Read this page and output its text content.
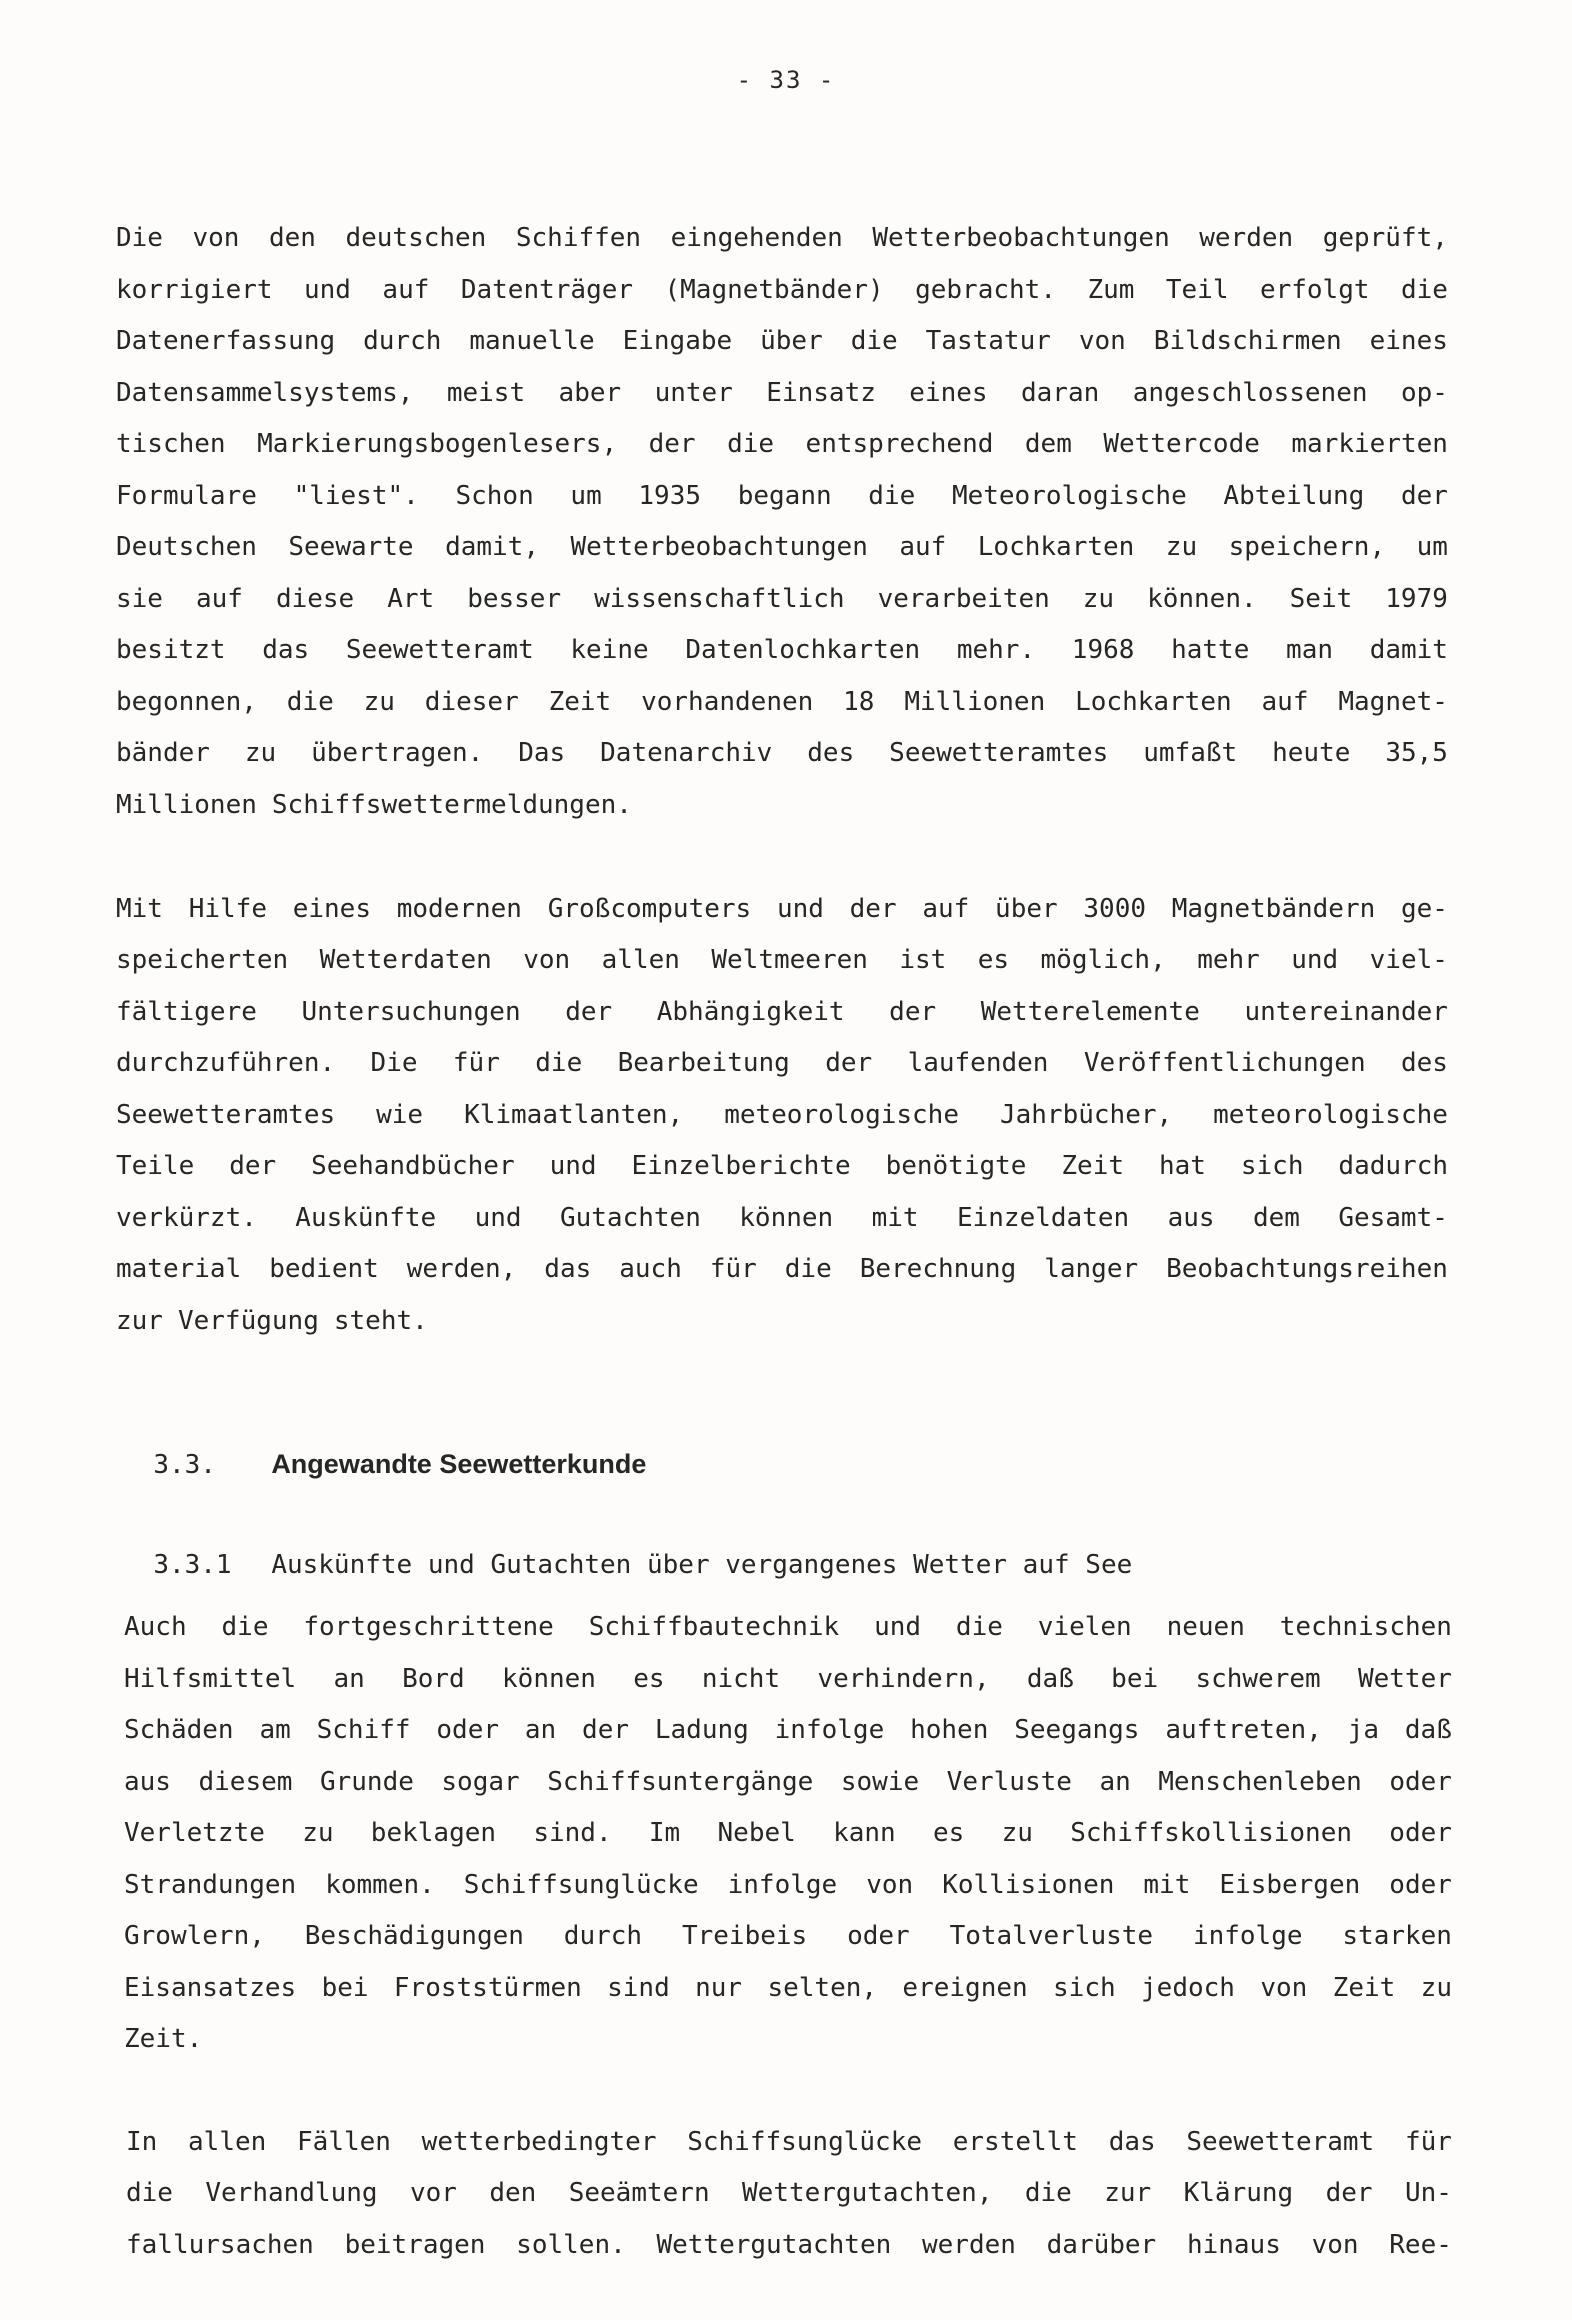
- 33 -
Die von den deutschen Schiffen eingehenden Wetterbeobachtungen werden geprüft,
korrigiert und auf Datenträger (Magnetbänder) gebracht. Zum Teil erfolgt die
Datenerfassung durch manuelle Eingabe über die Tastatur von Bildschirmen eines
Datensammelsystems, meist aber unter Einsatz eines daran angeschlossenen op-
tischen Markierungsbogenlesers, der die entsprechend dem Wettercode markierten
Formulare "liest". Schon um 1935 begann die Meteorologische Abteilung der
Deutschen Seewarte damit, Wetterbeobachtungen auf Lochkarten zu speichern, um
sie auf diese Art besser wissenschaftlich verarbeiten zu können. Seit 1979
besitzt das Seewetteramt keine Datenlochkarten mehr. 1968 hatte man damit
begonnen, die zu dieser Zeit vorhandenen 18 Millionen Lochkarten auf Magnet-
bänder zu übertragen. Das Datenarchiv des Seewetteramtes umfaßt heute 35,5
Millionen Schiffswettermeldungen.
Mit Hilfe eines modernen Großcomputers und der auf über 3000 Magnetbändern ge-
speicherten Wetterdaten von allen Weltmeeren ist es möglich, mehr und viel-
fältigere Untersuchungen der Abhängigkeit der Wetterelemente untereinander
durchzuführen. Die für die Bearbeitung der laufenden Veröffentlichungen des
Seewetteramtes wie Klimaatlanten, meteorologische Jahrbücher, meteorologische
Teile der Seehandbücher und Einzelberichte benötigte Zeit hat sich dadurch
verkürzt. Auskünfte und Gutachten können mit Einzeldaten aus dem Gesamt-
material bedient werden, das auch für die Berechnung langer Beobachtungsreihen
zur Verfügung steht.

3.3. Angewandte Seewetterkunde

3.3.1 Auskünfte und Gutachten über vergangenes Wetter auf See

Auch die fortgeschrittene Schiffbautechnik und die vielen neuen technischen
Hilfsmittel an Bord können es nicht verhindern, daß bei schwerem Wetter
Schäden am Schiff oder an der Ladung infolge hohen Seegangs auftreten, ja daß
aus diesem Grunde sogar Schiffsuntergänge sowie Verluste an Menschenleben oder
Verletzte zu beklagen sind. Im Nebel kann es zu Schiffskollisionen oder
Strandungen kommen. Schiffsunglücke infolge von Kollisionen mit Eisbergen oder
Growlern, Beschädigungen durch Treibeis oder Totalverluste infolge starken
Eisansatzes bei Froststürmen sind nur selten, ereignen sich jedoch von Zeit zu
Zeit.
In allen Fällen wetterbedingter Schiffsunglücke erstellt das Seewetteramt für
die Verhandlung vor den Seeämtern Wettergutachten, die zur Klärung der Un-
fallursachen beitragen sollen. Wettergutachten werden darüber hinaus von Ree-
